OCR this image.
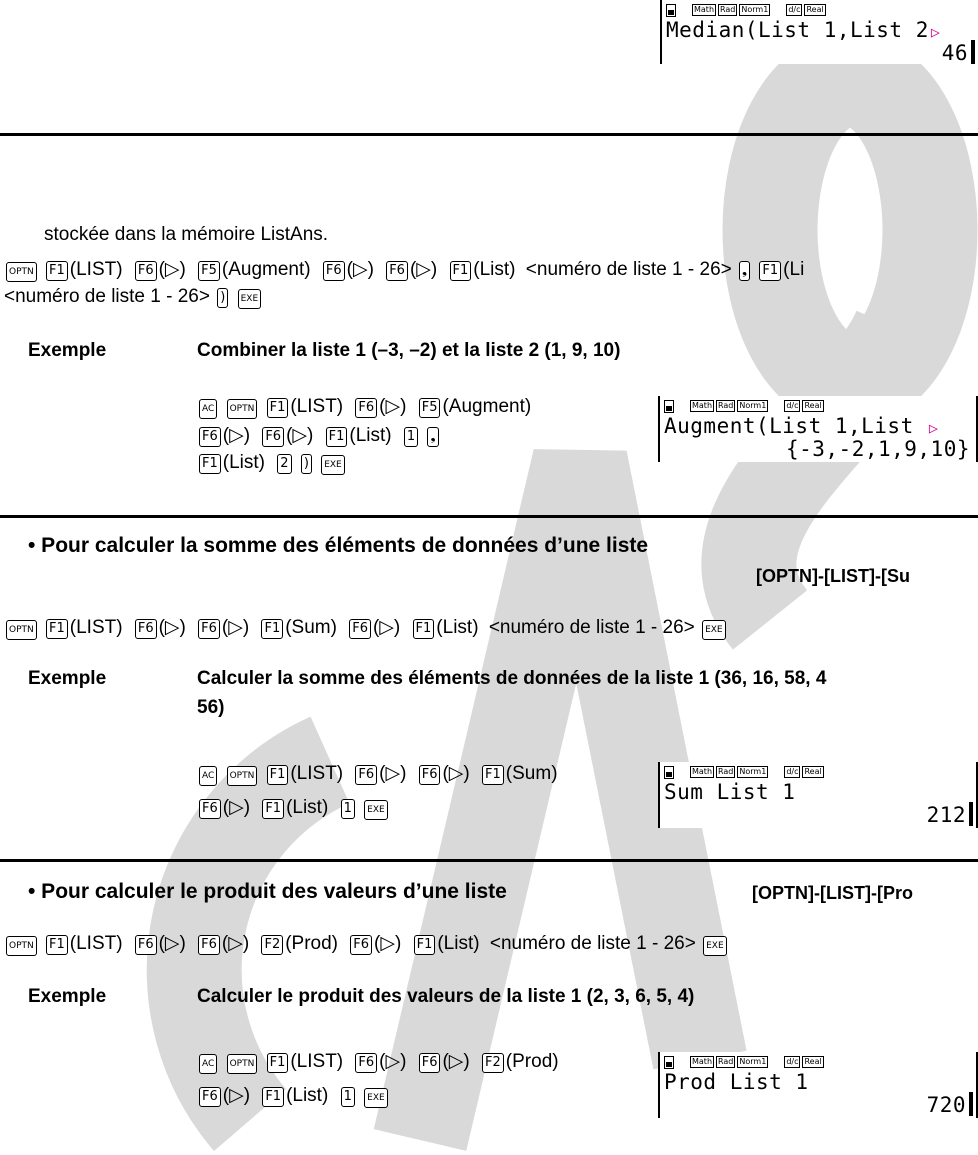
Math Rad Norm1	d/c Real
Median(List 1,List 2 ▷
46
stockée dans la mémoire ListAns.
OPTN F1 (LIST) F6 (▷) F5 (Augment) F6 (▷) F6 (▷) F1 (List) <numéro de liste 1 - 26> ❟ F1 (Li
<numéro de liste 1 - 26> ) EXE
Exemple	Combiner la liste 1 (–3, –2) et la liste 2 (1, 9, 10)
AC OPTN F1 (LIST) F6 (▷) F5 (Augment)
F6 (▷) F6 (▷) F1 (List) 1 ❟
F1 (List) 2 ) EXE
Math Rad Norm1	d/c Real
Augment(List 1,List ▷
{-3,-2,1,9,10}
• Pour calculer la somme des éléments de données d’une liste
[OPTN]-[LIST]-[Su
OPTN F1 (LIST) F6 (▷) F6 (▷) F1 (Sum) F6 (▷) F1 (List) <numéro de liste 1 - 26> EXE
Exemple	Calculer la somme des éléments de données de la liste 1 (36, 16, 58, 4
56)
AC OPTN F1 (LIST) F6 (▷) F6 (▷) F1 (Sum)
F6 (▷) F1 (List) 1 EXE
Math Rad Norm1	d/c Real
Sum List 1
212
• Pour calculer le produit des valeurs d’une liste	[OPTN]-[LIST]-[Pro
OPTN F1 (LIST) F6 (▷) F6 (▷) F2 (Prod) F6 (▷) F1 (List) <numéro de liste 1 - 26> EXE
Exemple	Calculer le produit des valeurs de la liste 1 (2, 3, 6, 5, 4)
AC OPTN F1 (LIST) F6 (▷) F6 (▷) F2 (Prod)
F6 (▷) F1 (List) 1 EXE
Math Rad Norm1	d/c Real
Prod List 1
720
